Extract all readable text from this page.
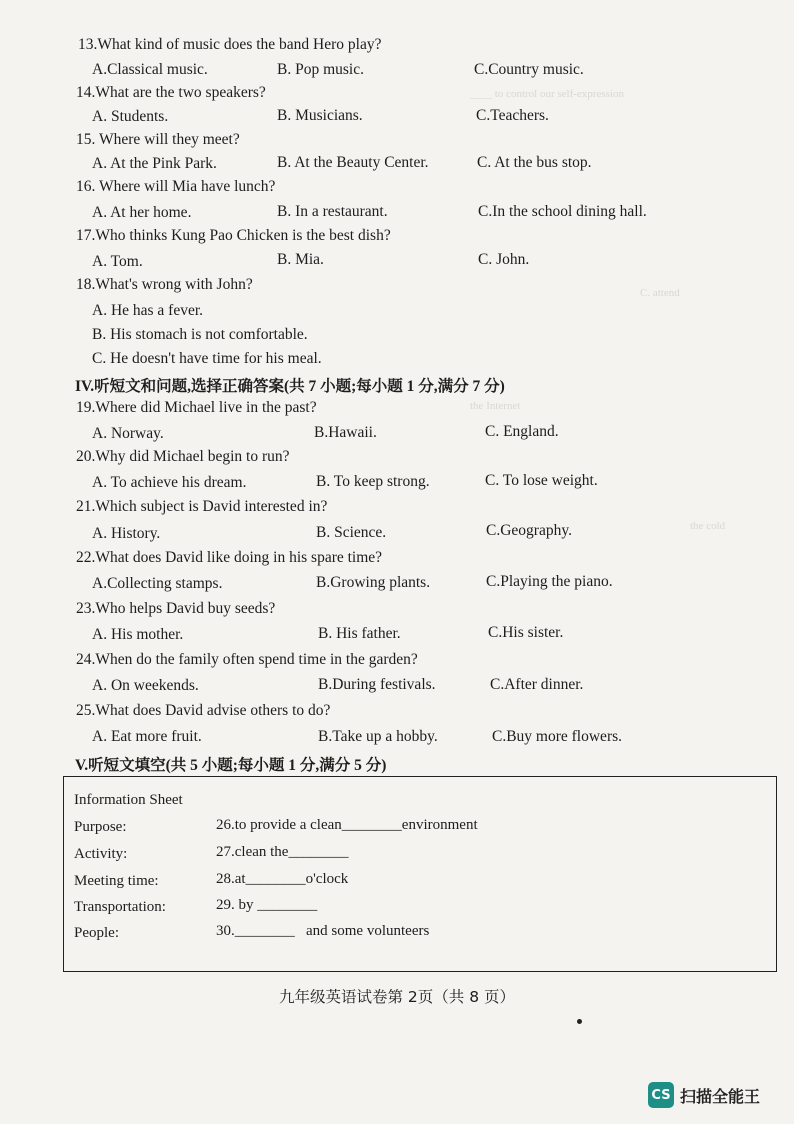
____ to control our self-expression
C. attend
the Internet
the cold
13.What kind of music does the band Hero play?
A.Classical music.	B. Pop music.	C.Country music.
14.What are the two speakers?
A. Students.	B. Musicians.	C.Teachers.
15. Where will they meet?
A. At the Pink Park.	B. At the Beauty Center.	C. At the bus stop.
16. Where will Mia have lunch?
A. At her home.	B. In a restaurant.	C.In the school dining hall.
17.Who thinks Kung Pao Chicken is the best dish?
A. Tom.	B. Mia.	C. John.
18.What's wrong with John?
A. He has a fever.
B. His stomach is not comfortable.
C. He doesn't have time for his meal.
IV.听短文和问题,选择正确答案(共 7 小题;每小题 1 分,满分 7 分)
19.Where did Michael live in the past?
A. Norway.	B.Hawaii.	C. England.
20.Why did Michael begin to run?
A. To achieve his dream.	B. To keep strong.	C. To lose weight.
21.Which subject is David interested in?
A. History.	B. Science.	C.Geography.
22.What does David like doing in his spare time?
A.Collecting stamps.	B.Growing plants.	C.Playing the piano.
23.Who helps David buy seeds?
A. His mother.	B. His father.	C.His sister.
24.When do the family often spend time in the garden?
A. On weekends.	B.During festivals.	C.After dinner.
25.What does David advise others to do?
A. Eat more fruit.	B.Take up a hobby.	C.Buy more flowers.
V.听短文填空(共 5 小题;每小题 1 分,满分 5 分)
Information Sheet
Purpose:	26.to provide a clean________environment
Activity:	27.clean the________
Meeting time:	28.at________o'clock
Transportation:	29. by ________
People:	30.________ and some volunteers
九年级英语试卷第 2页（共 8 页）
CS 扫描全能王
